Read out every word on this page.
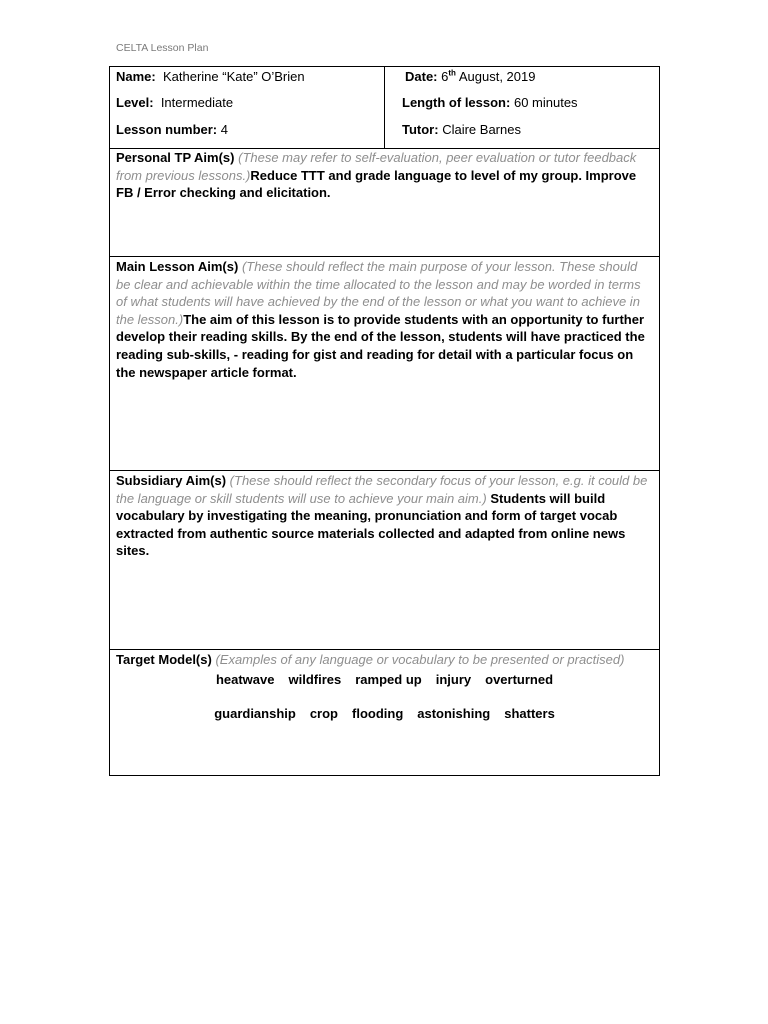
CELTA Lesson Plan
Name: Katherine “Kate” O’Brien
Level: Intermediate
Lesson number: 4
Date: 6th August, 2019
Length of lesson: 60 minutes
Tutor: Claire Barnes

Personal TP Aim(s) (These may refer to self-evaluation, peer evaluation or tutor feedback from previous lessons.)Reduce TTT and grade language to level of my group. Improve FB / Error checking and elicitation.

Main Lesson Aim(s) (These should reflect the main purpose of your lesson. These should be clear and achievable within the time allocated to the lesson and may be worded in terms of what students will have achieved by the end of the lesson or what you want to achieve in the lesson.)The aim of this lesson is to provide students with an opportunity to further develop their reading skills. By the end of the lesson, students will have practiced the reading sub-skills, - reading for gist and reading for detail with a particular focus on the newspaper article format.

Subsidiary Aim(s) (These should reflect the secondary focus of your lesson, e.g. it could be the language or skill students will use to achieve your main aim.) Students will build vocabulary by investigating the meaning, pronunciation and form of target vocab extracted from authentic source materials collected and adapted from online news sites.

Target Model(s) (Examples of any language or vocabulary to be presented or practised)

heatwave wildfires ramped up injury overturned
guardianship crop flooding astonishing shatters
